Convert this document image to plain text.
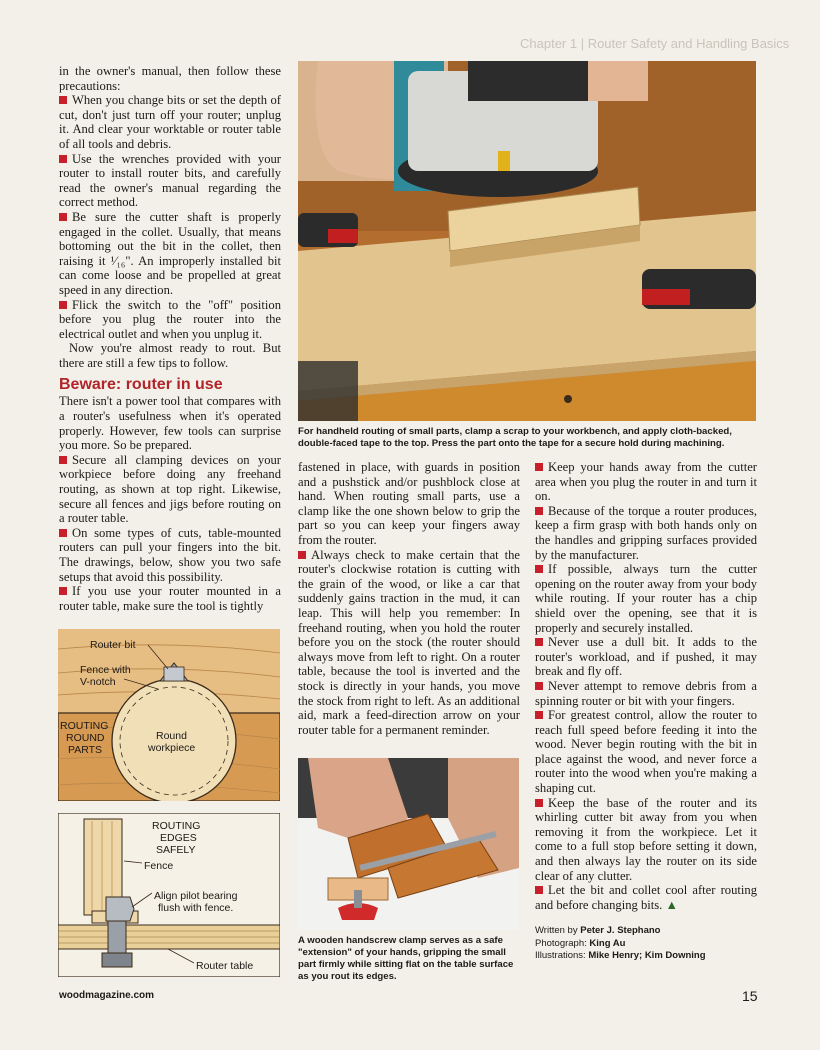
Chapter 1 | Router Safety and Handling Basics

in the owner's manual, then follow these precautions:

When you change bits or set the depth of cut, don't just turn off your router; unplug it. And clear your worktable or router table of all tools and debris.

Use the wrenches provided with your router to install router bits, and carefully read the owner's manual regarding the correct method.

Be sure the cutter shaft is properly engaged in the collet. Usually, that means bottoming out the bit in the collet, then raising it ¹⁄₁₆". An improperly installed bit can come loose and be propelled at great speed in any direction.

Flick the switch to the "off" position before you plug the router into the electrical outlet and when you unplug it.

Now you're almost ready to rout. But there are still a few tips to follow.

Beware: router in use

There isn't a power tool that compares with a router's usefulness when it's operated properly. However, few tools can surprise you more. So be prepared.

Secure all clamping devices on your workpiece before doing any freehand routing, as shown at top right. Likewise, secure all fences and jigs before routing on a router table.

On some types of cuts, table-mounted routers can pull your fingers into the bit. The drawings, below, show you two safe setups that avoid this possibility.

If you use your router mounted in a router table, make sure the tool is tightly

Router bit
Fence with
V-notch
ROUTING
ROUND
PARTS
Round
workpiece
ROUTING
EDGES
SAFELY
Fence
Align pilot bearing
flush with fence.
Router table
For handheld routing of small parts, clamp a scrap to your workbench, and apply cloth-backed, double-faced tape to the top. Press the part onto the tape for a secure hold during machining.

fastened in place, with guards in position and a pushstick and/or pushblock close at hand. When routing small parts, use a clamp like the one shown below to grip the part so you can keep your fingers away from the router.

Always check to make certain that the router's clockwise rotation is cutting with the grain of the wood, or like a car that suddenly gains traction in the mud, it can leap. This will help you remember: In freehand routing, when you hold the router before you on the stock (the router should always move from left to right. On a router table, because the tool is inverted and the stock is directly in your hands, you move the stock from right to left. As an additional aid, mark a feed-direction arrow on your router table for a permanent reminder.

A wooden handscrew clamp serves as a safe "extension" of your hands, gripping the small part firmly while sitting flat on the table surface as you rout its edges.

Keep your hands away from the cutter area when you plug the router in and turn it on.

Because of the torque a router produces, keep a firm grasp with both hands only on the handles and gripping surfaces provided by the manufacturer.

If possible, always turn the cutter opening on the router away from your body while routing. If your router has a chip shield over the opening, see that it is properly and securely installed.

Never use a dull bit. It adds to the router's workload, and if pushed, it may break and fly off.

Never attempt to remove debris from a spinning router or bit with your fingers.

For greatest control, allow the router to reach full speed before feeding it into the wood. Never begin routing with the bit in place against the wood, and never force a router into the wood when you're making a shaping cut.

Keep the base of the router and its whirling cutter bit away from you when removing it from the workpiece. Let it come to a full stop before setting it down, and then always lay the router on its side clear of any clutter.

Let the bit and collet cool after routing and before changing bits. ▲

Written by Peter J. Stephano
Photograph: King Au
Illustrations: Mike Henry; Kim Downing
woodmagazine.com	15
